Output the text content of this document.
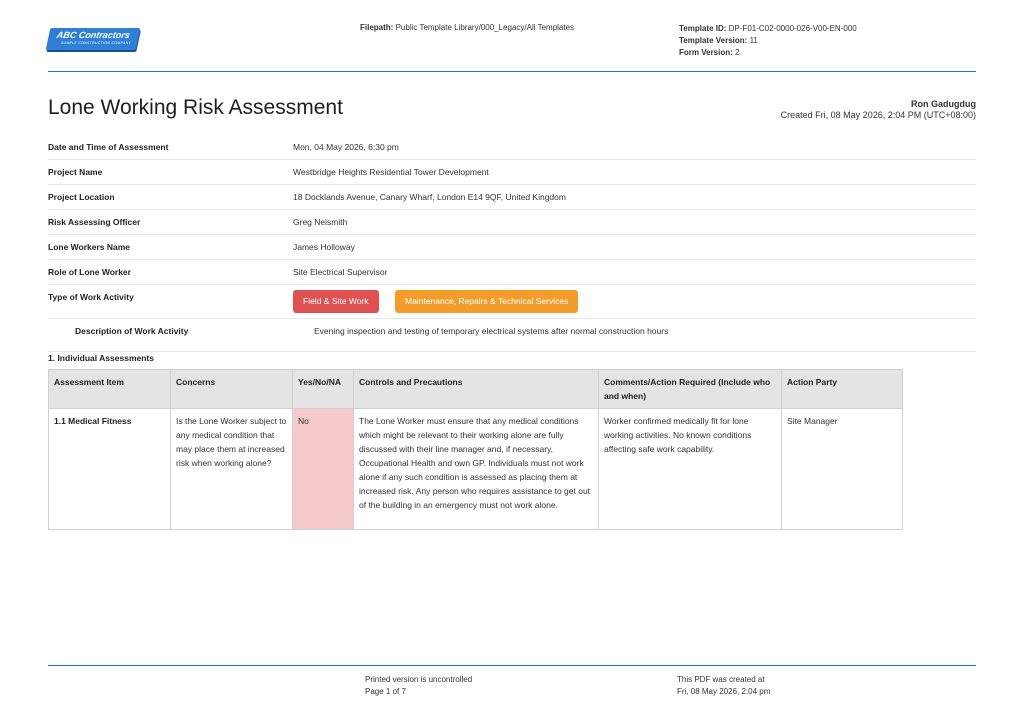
ABC Contractors
SAMPLE CONSTRUCTION COMPANY
Filepath: Public Template Library/000_Legacy/All Templates	Template ID: DP-F01-C02-0000-026-V00-EN-000
Template Version: 11
Form Version: 2
Lone Working Risk Assessment	Ron Gadugdug
Created Fri, 08 May 2026, 2:04 PM (UTC+08:00)
Date and Time of Assessment	Mon, 04 May 2026, 6:30 pm
Project Name	Westbridge Heights Residential Tower Development
Project Location	18 Docklands Avenue, Canary Wharf, London E14 9QF, United Kingdom
Risk Assessing Officer	Greg Neismith
Lone Workers Name	James Holloway
Role of Lone Worker	Site Electrical Supervisor
Type of Work Activity	Field & Site Work	Maintenance, Repairs & Technical Services
Description of Work Activity	Evening inspection and testing of temporary electrical systems after normal construction hours
1. Individual Assessments
Assessment Item	Concerns	Yes/No/NA	Controls and Precautions	Comments/Action Required (Include who and when)	Action Party
1.1 Medical Fitness	Is the Lone Worker subject to any medical condition that may place them at increased risk when working alone?	No	The Lone Worker must ensure that any medical conditions which might be relevant to their working alone are fully discussed with their line manager and, if necessary, Occupational Health and own GP. Individuals must not work alone if any such condition is assessed as placing them at increased risk. Any person who requires assistance to get out of the building in an emergency must not work alone.	Worker confirmed medically fit for lone working activities. No known conditions affecting safe work capability.	Site Manager
Printed version is uncontrolled
Page 1 of 7
This PDF was created at
Fri, 08 May 2026, 2:04 pm
